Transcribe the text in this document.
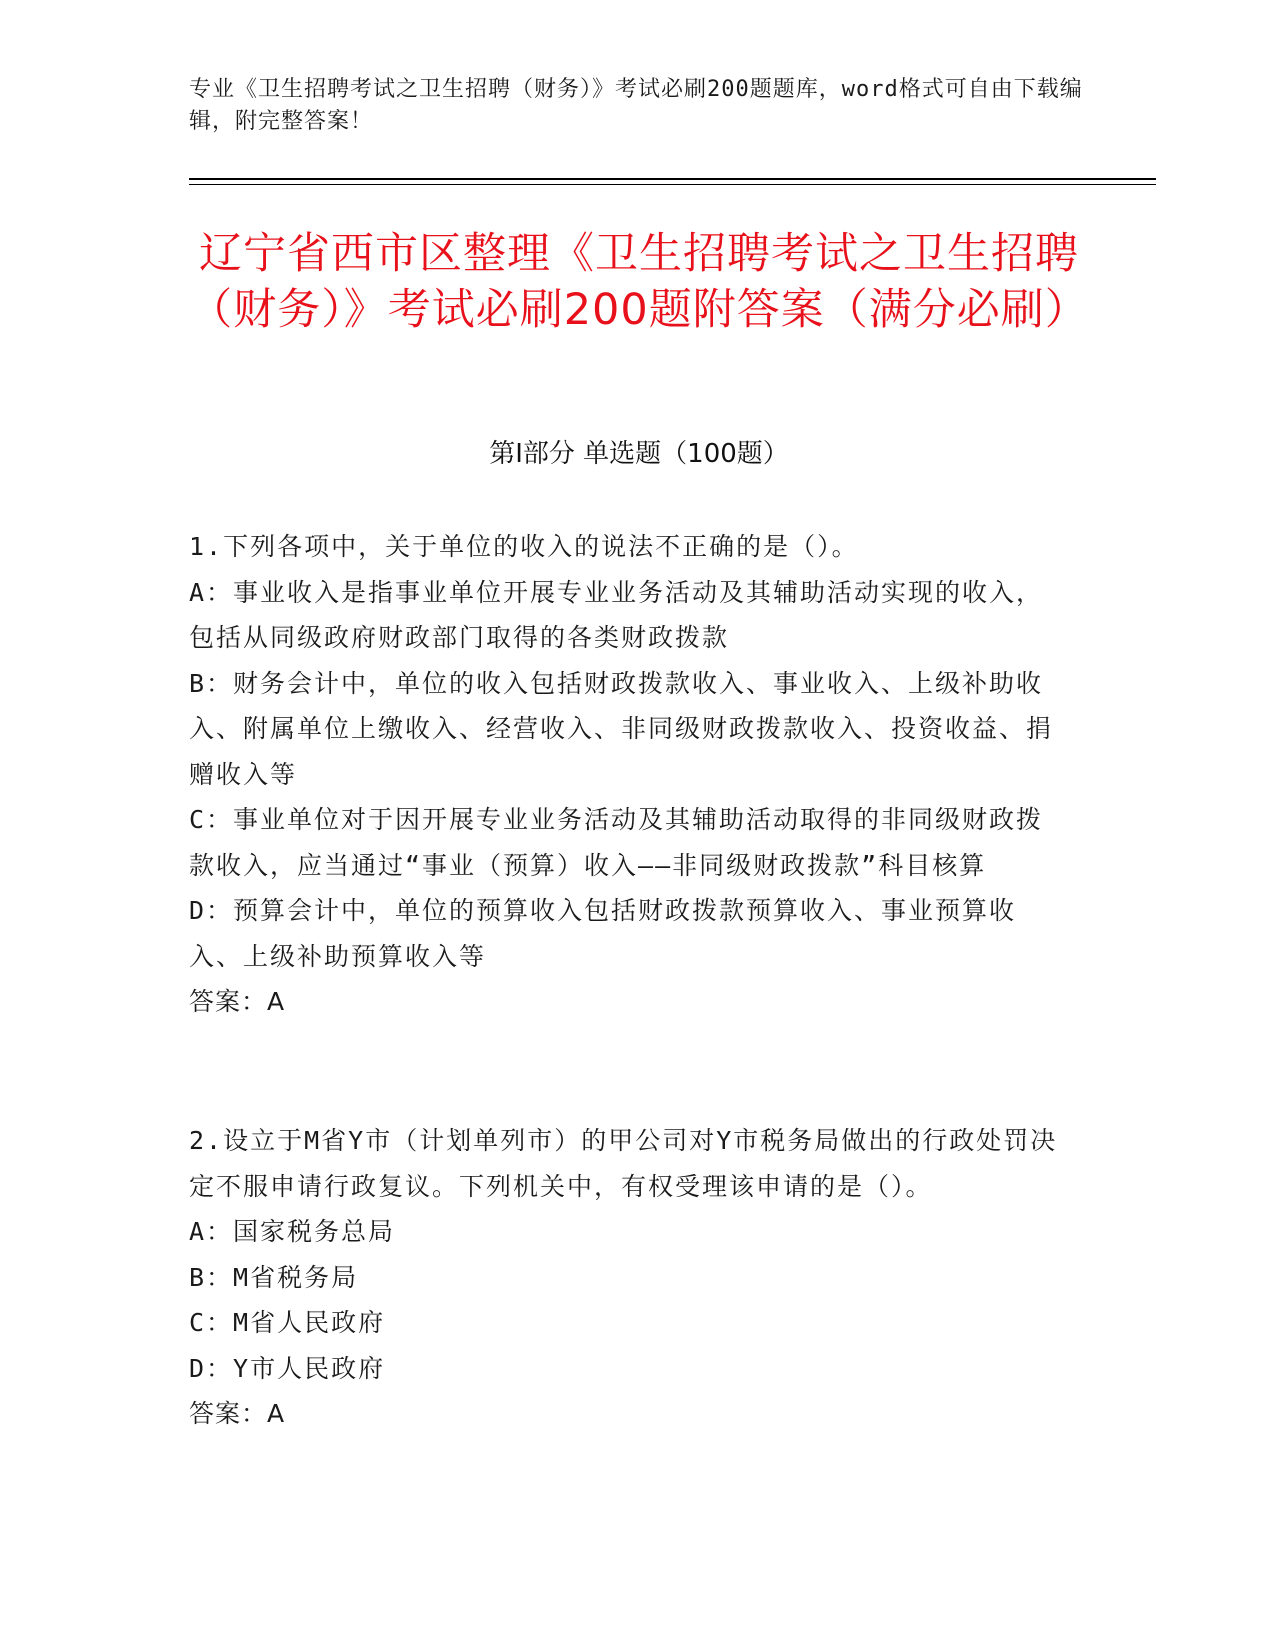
专业《卫生招聘考试之卫生招聘（财务）》考试必刷200题题库，word格式可自由下载编辑，附完整答案！
辽宁省西市区整理《卫生招聘考试之卫生招聘（财务）》考试必刷200题附答案（满分必刷）
第Ⅰ部分 单选题（100题）

1.下列各项中，关于单位的收入的说法不正确的是（）。

A：事业收入是指事业单位开展专业业务活动及其辅助活动实现的收入，包括从同级政府财政部门取得的各类财政拨款

B：财务会计中，单位的收入包括财政拨款收入、事业收入、上级补助收入、附属单位上缴收入、经营收入、非同级财政拨款收入、投资收益、捐赠收入等

C：事业单位对于因开展专业业务活动及其辅助活动取得的非同级财政拨款收入，应当通过“事业（预算）收入——非同级财政拨款”科目核算

D：预算会计中，单位的预算收入包括财政拨款预算收入、事业预算收入、上级补助预算收入等

答案：A

2.设立于M省Y市（计划单列市）的甲公司对Y市税务局做出的行政处罚决定不服申请行政复议。下列机关中，有权受理该申请的是（）。

A：国家税务总局

B：M省税务局

C：M省人民政府

D：Y市人民政府

答案：A
